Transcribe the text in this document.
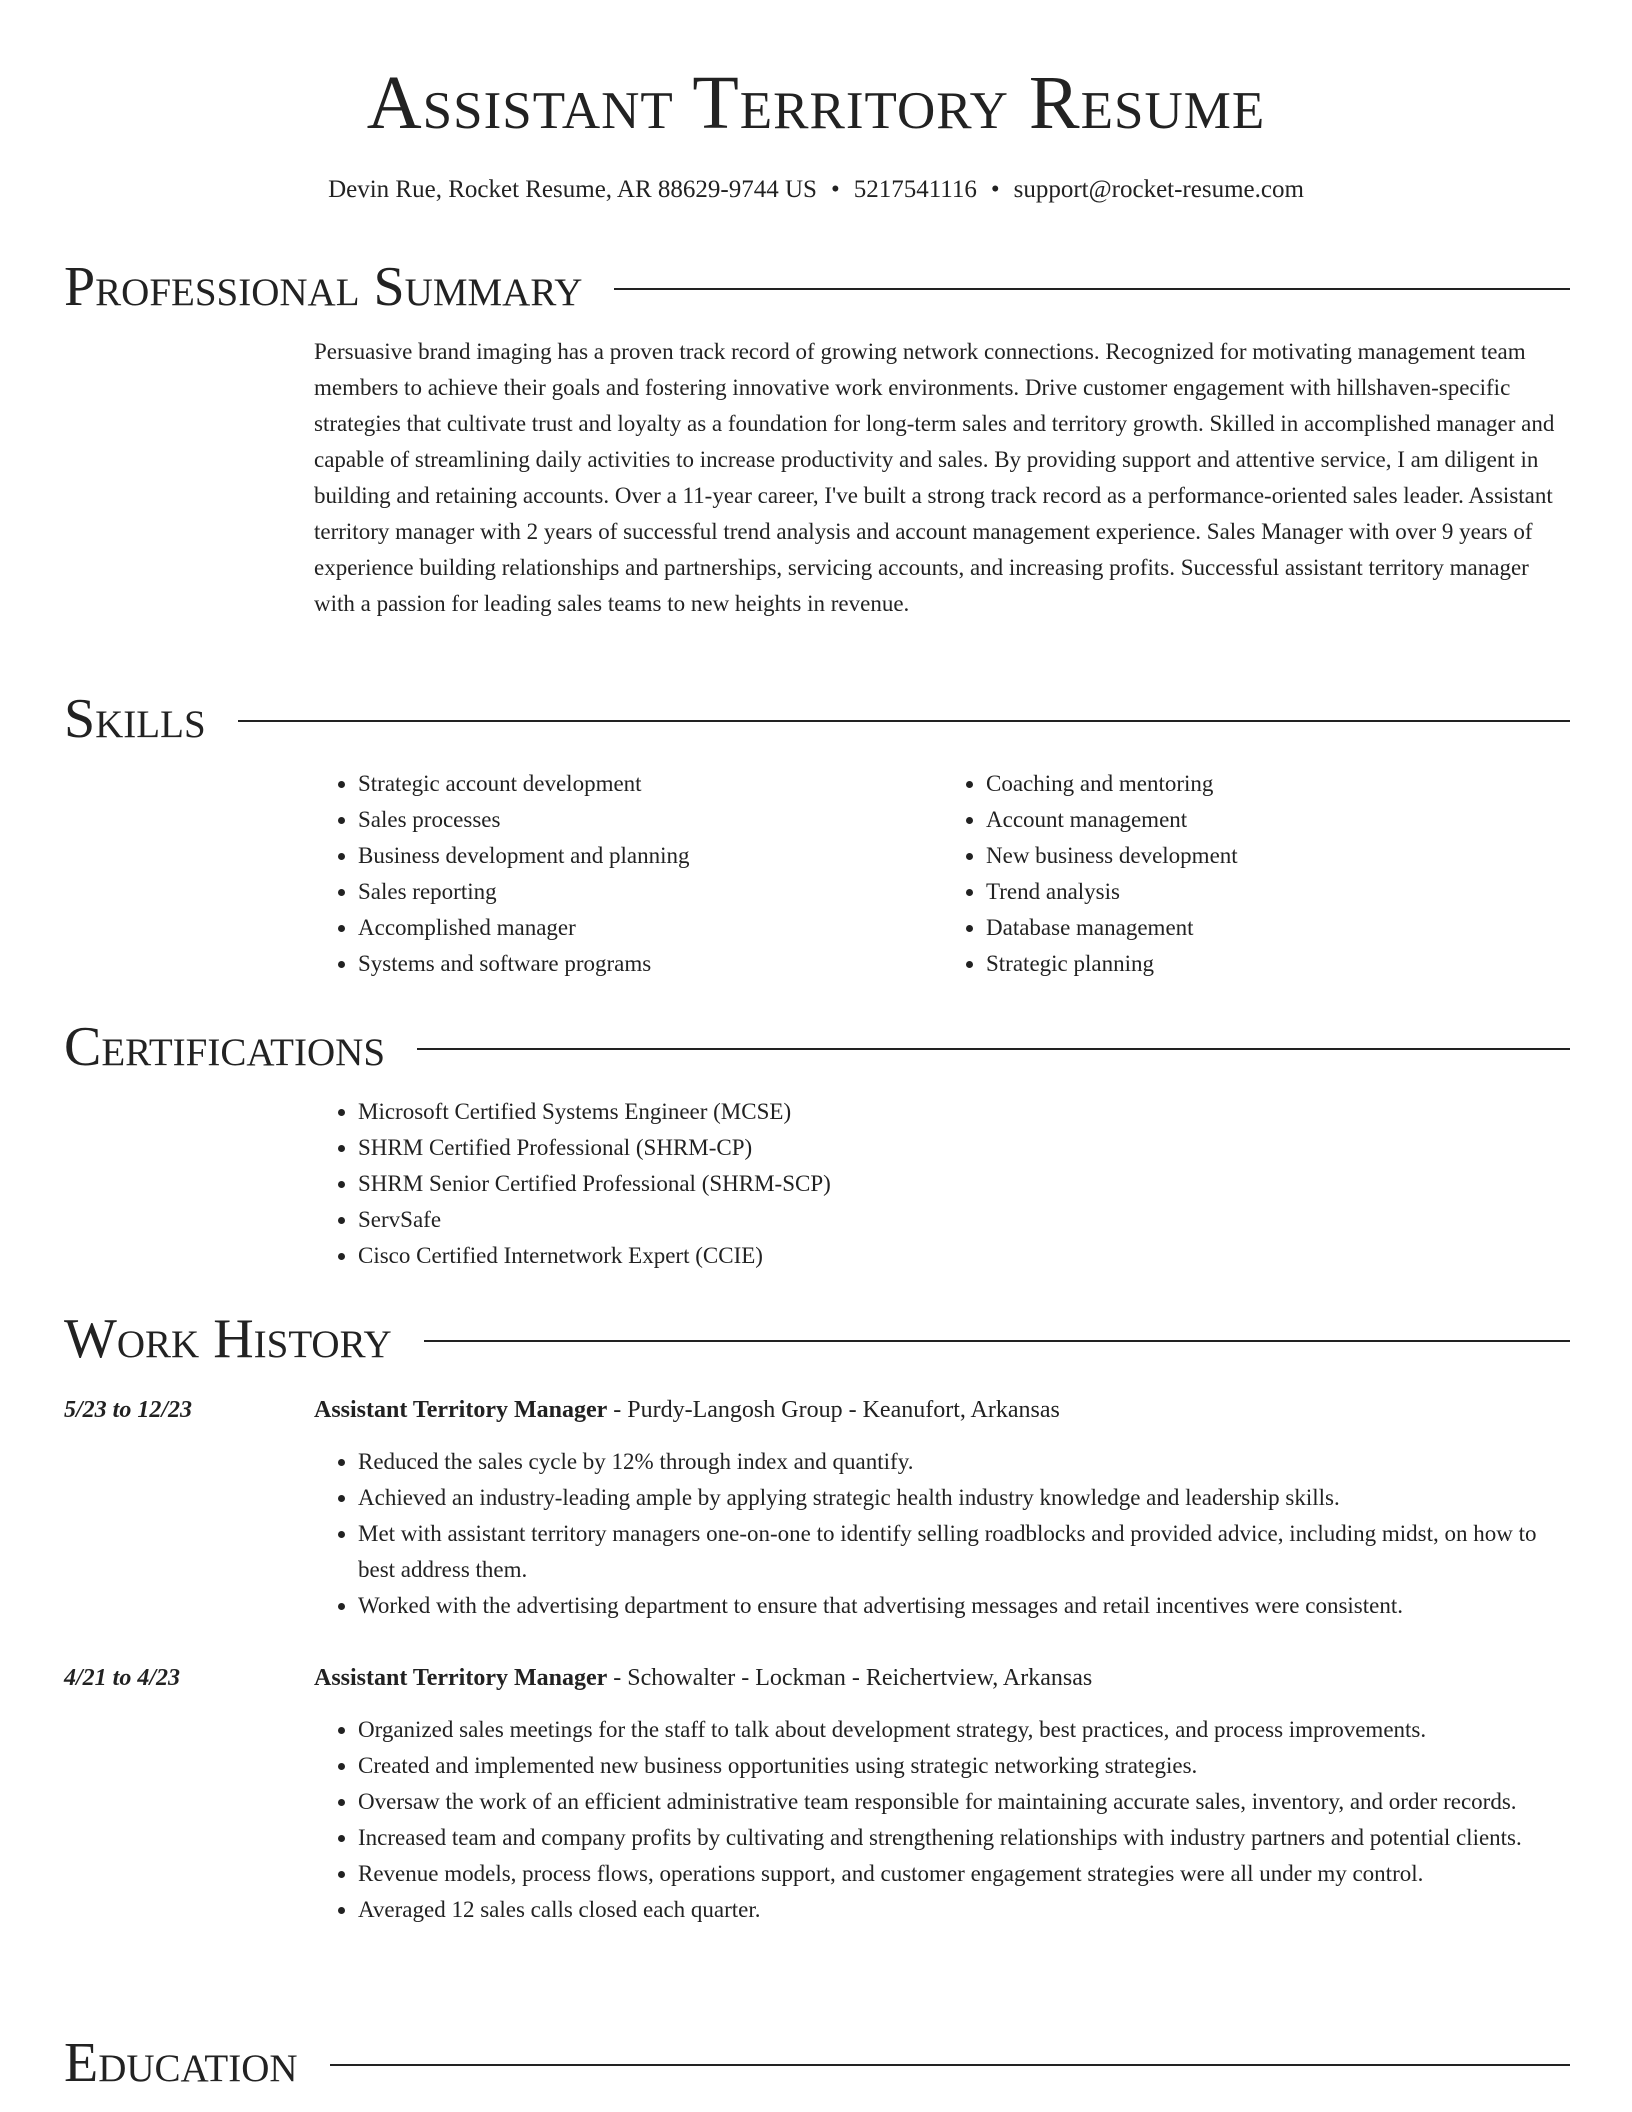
Assistant Territory Resume
Devin Rue, Rocket Resume, AR 88629-9744 US • 5217541116 • support@rocket-resume.com
Professional Summary
Persuasive brand imaging has a proven track record of growing network connections. Recognized for motivating management team members to achieve their goals and fostering innovative work environments. Drive customer engagement with hillshaven-specific strategies that cultivate trust and loyalty as a foundation for long-term sales and territory growth. Skilled in accomplished manager and capable of streamlining daily activities to increase productivity and sales. By providing support and attentive service, I am diligent in building and retaining accounts. Over a 11-year career, I've built a strong track record as a performance-oriented sales leader. Assistant territory manager with 2 years of successful trend analysis and account management experience. Sales Manager with over 9 years of experience building relationships and partnerships, servicing accounts, and increasing profits. Successful assistant territory manager with a passion for leading sales teams to new heights in revenue.
Skills
• Strategic account development
• Sales processes
• Business development and planning
• Sales reporting
• Accomplished manager
• Systems and software programs
• Coaching and mentoring
• Account management
• New business development
• Trend analysis
• Database management
• Strategic planning
Certifications
• Microsoft Certified Systems Engineer (MCSE)
• SHRM Certified Professional (SHRM-CP)
• SHRM Senior Certified Professional (SHRM-SCP)
• ServSafe
• Cisco Certified Internetwork Expert (CCIE)
Work History
5/23 to 12/23	Assistant Territory Manager - Purdy-Langosh Group - Keanufort, Arkansas
• Reduced the sales cycle by 12% through index and quantify.
• Achieved an industry-leading ample by applying strategic health industry knowledge and leadership skills.
• Met with assistant territory managers one-on-one to identify selling roadblocks and provided advice, including midst, on how to best address them.
• Worked with the advertising department to ensure that advertising messages and retail incentives were consistent.
4/21 to 4/23	Assistant Territory Manager - Schowalter - Lockman - Reichertview, Arkansas
• Organized sales meetings for the staff to talk about development strategy, best practices, and process improvements.
• Created and implemented new business opportunities using strategic networking strategies.
• Oversaw the work of an efficient administrative team responsible for maintaining accurate sales, inventory, and order records.
• Increased team and company profits by cultivating and strengthening relationships with industry partners and potential clients.
• Revenue models, process flows, operations support, and customer engagement strategies were all under my control.
• Averaged 12 sales calls closed each quarter.
Education
